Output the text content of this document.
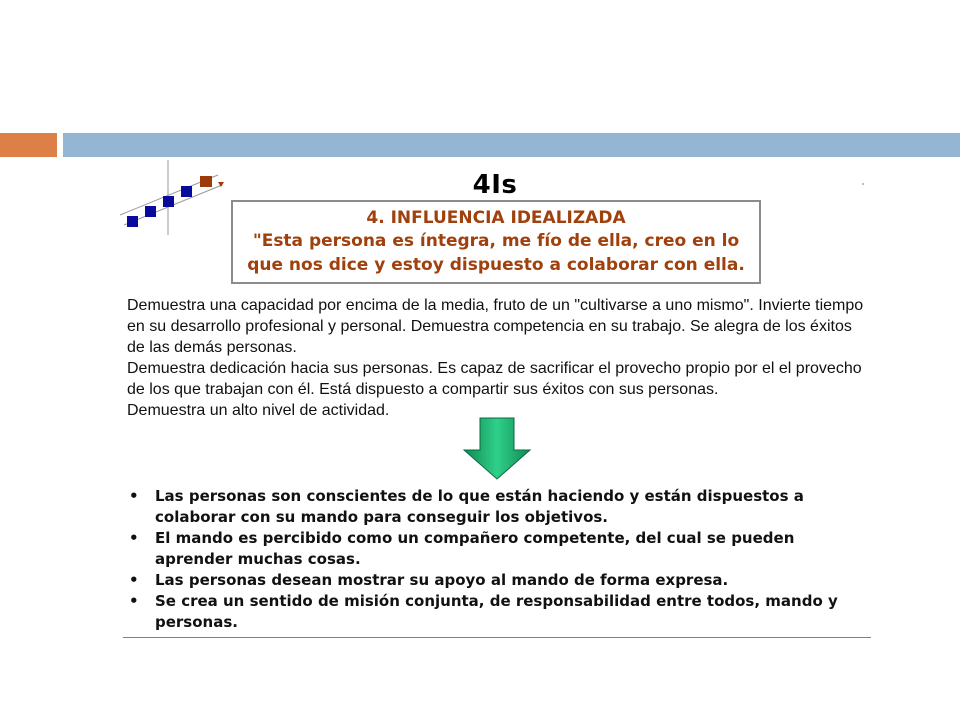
4Is
4. INFLUENCIA IDEALIZADA
"Esta persona es íntegra, me fío de ella, creo en lo
que nos dice y estoy dispuesto a colaborar con ella.

Demuestra una capacidad por encima de la media, fruto de un "cultivarse a uno mismo". Invierte tiempo en su desarrollo profesional y personal. Demuestra competencia en su trabajo. Se alegra de los éxitos de las demás personas.

Demuestra dedicación hacia sus personas. Es capaz de sacrificar el provecho propio por el el provecho de los que trabajan con él. Está dispuesto a compartir sus éxitos con sus personas.

Demuestra un alto nivel de actividad.

• Las personas son conscientes de lo que están haciendo y están dispuestos a colaborar con su mando para conseguir los objetivos.
• El mando es percibido como un compañero competente, del cual se pueden aprender muchas cosas.
• Las personas desean mostrar su apoyo al mando de forma expresa.
• Se crea un sentido de misión conjunta, de responsabilidad entre todos, mando y personas.
